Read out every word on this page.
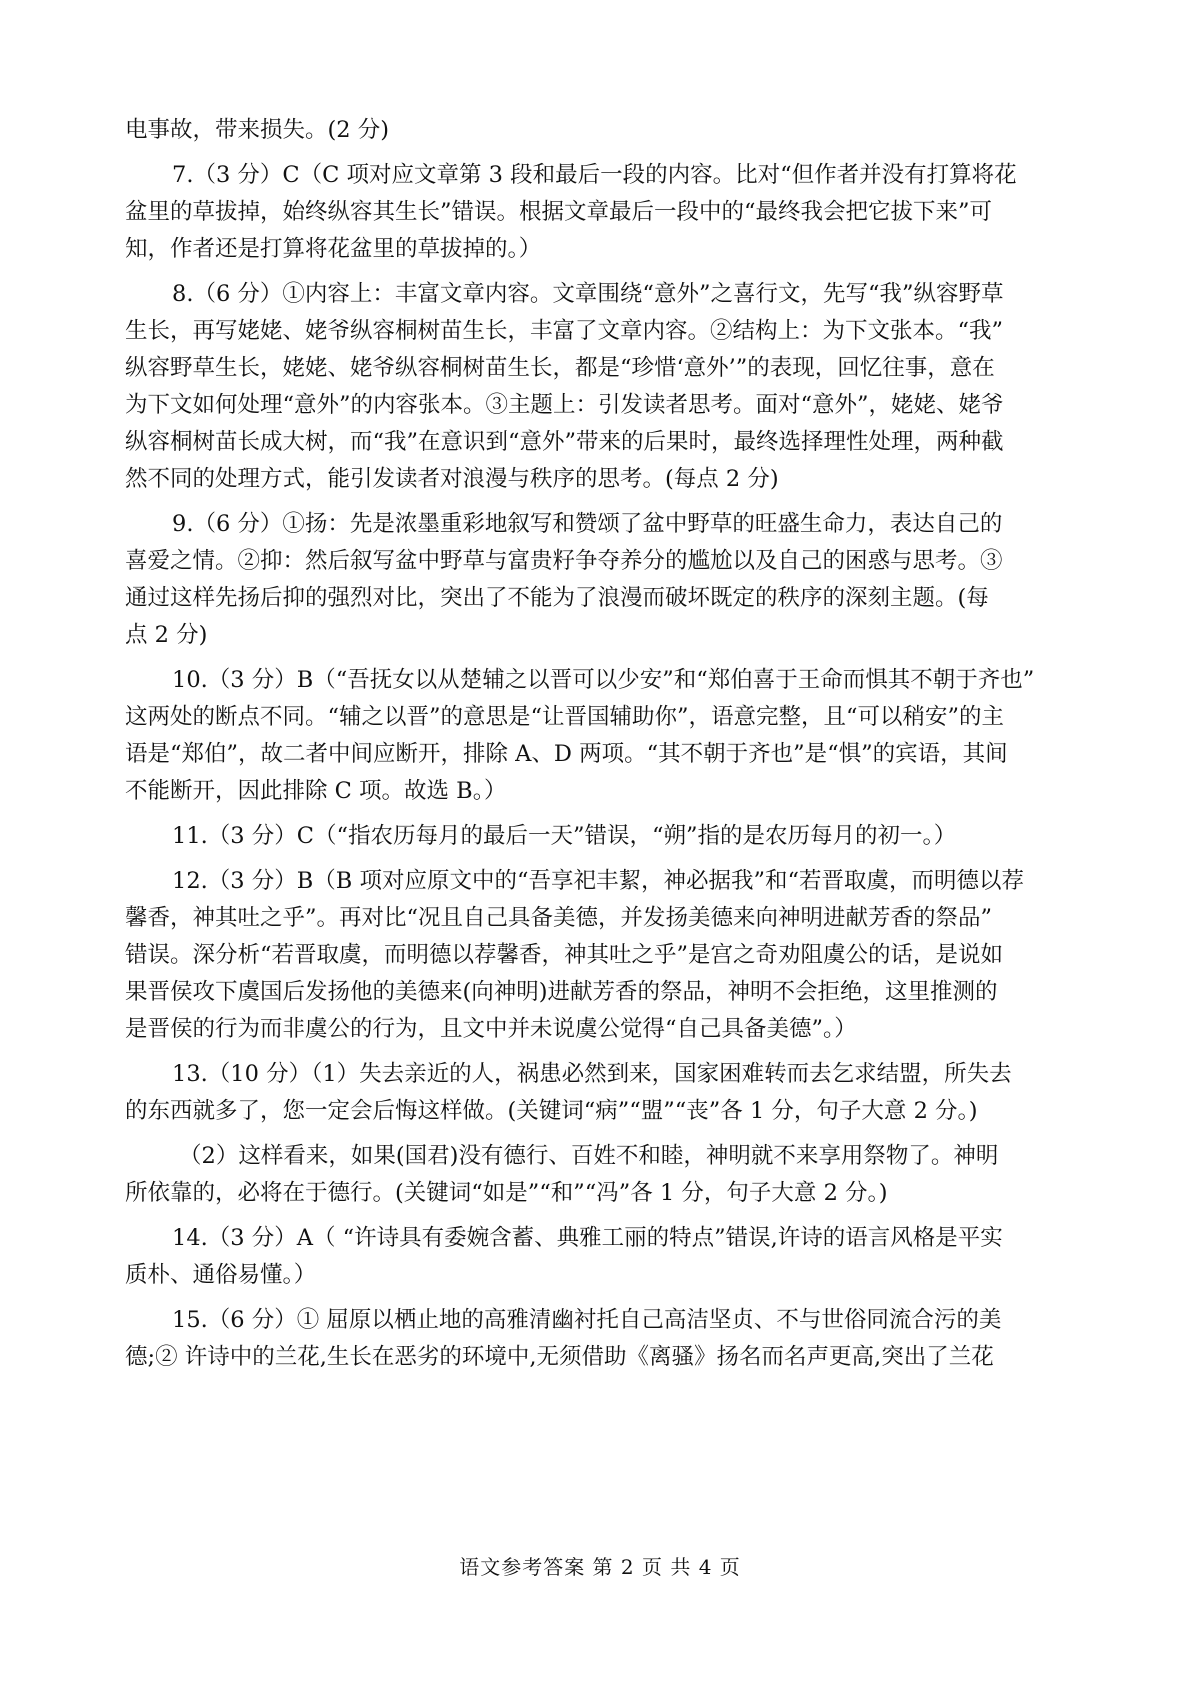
电事故，带来损失。(2 分)

7.（3 分）C（C 项对应文章第 3 段和最后一段的内容。比对“但作者并没有打算将花
盆里的草拔掉，始终纵容其生长”错误。根据文章最后一段中的“最终我会把它拔下来”可
知，作者还是打算将花盆里的草拔掉的。）

8.（6 分）①内容上：丰富文章内容。文章围绕“意外”之喜行文，先写“我”纵容野草
生长，再写姥姥、姥爷纵容桐树苗生长，丰富了文章内容。②结构上：为下文张本。“我”
纵容野草生长，姥姥、姥爷纵容桐树苗生长，都是“珍惜‘意外’”的表现，回忆往事，意在
为下文如何处理“意外”的内容张本。③主题上：引发读者思考。面对“意外”，姥姥、姥爷
纵容桐树苗长成大树，而“我”在意识到“意外”带来的后果时，最终选择理性处理，两种截
然不同的处理方式，能引发读者对浪漫与秩序的思考。(每点 2 分)

9.（6 分）①扬：先是浓墨重彩地叙写和赞颂了盆中野草的旺盛生命力，表达自己的
喜爱之情。②抑：然后叙写盆中野草与富贵籽争夺养分的尴尬以及自己的困惑与思考。③
通过这样先扬后抑的强烈对比，突出了不能为了浪漫而破坏既定的秩序的深刻主题。(每
点 2 分)

10.（3 分）B（“吾抚女以从楚辅之以晋可以少安”和“郑伯喜于王命而惧其不朝于齐也”
这两处的断点不同。“辅之以晋”的意思是“让晋国辅助你”，语意完整，且“可以稍安”的主
语是“郑伯”，故二者中间应断开，排除 A、D 两项。“其不朝于齐也”是“惧”的宾语，其间
不能断开，因此排除 C 项。故选 B。）

11.（3 分）C（“指农历每月的最后一天”错误，“朔”指的是农历每月的初一。）

12.（3 分）B（B 项对应原文中的“吾享祀丰絜，神必据我”和“若晋取虞，而明德以荐
馨香，神其吐之乎”。再对比“况且自己具备美德，并发扬美德来向神明进献芳香的祭品”
错误。深分析“若晋取虞，而明德以荐馨香，神其吐之乎”是宫之奇劝阻虞公的话，是说如
果晋侯攻下虞国后发扬他的美德来(向神明)进献芳香的祭品，神明不会拒绝，这里推测的
是晋侯的行为而非虞公的行为，且文中并未说虞公觉得“自己具备美德”。）

13.（10 分）（1）失去亲近的人，祸患必然到来，国家困难转而去乞求结盟，所失去
的东西就多了，您一定会后悔这样做。(关键词“病”“盟”“丧”各 1 分，句子大意 2 分。)

（2）这样看来，如果(国君)没有德行、百姓不和睦，神明就不来享用祭物了。神明
所依靠的，必将在于德行。(关键词“如是”“和”“冯”各 1 分，句子大意 2 分。)

14.（3 分）A（ “许诗具有委婉含蓄、典雅工丽的特点”错误,许诗的语言风格是平实
质朴、通俗易懂。）

15.（6 分）① 屈原以栖止地的高雅清幽衬托自己高洁坚贞、不与世俗同流合污的美
德;② 许诗中的兰花,生长在恶劣的环境中,无须借助《离骚》扬名而名声更高,突出了兰花

语文参考答案 第 2 页 共 4 页
